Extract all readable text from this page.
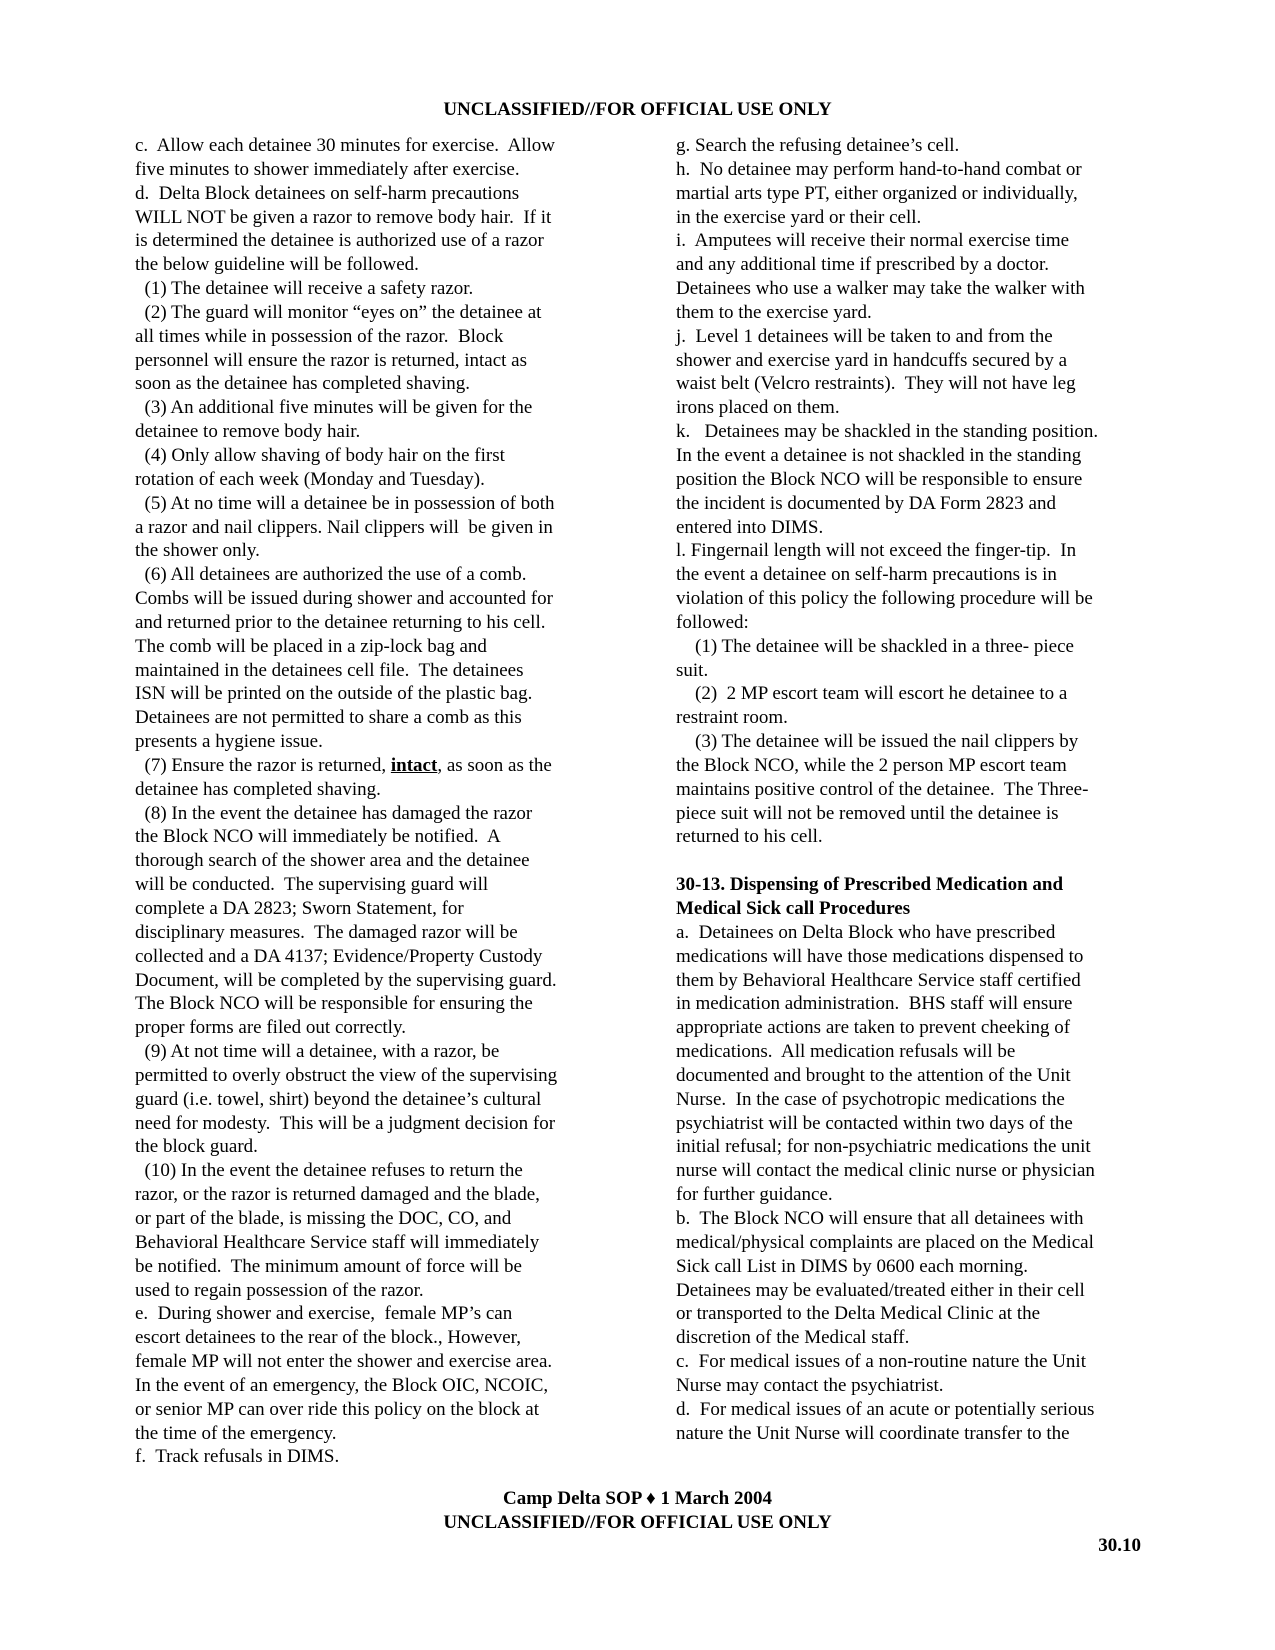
UNCLASSIFIED//FOR OFFICIAL USE ONLY
c.  Allow each detainee 30 minutes for exercise.  Allow
five minutes to shower immediately after exercise.
d.  Delta Block detainees on self-harm precautions
WILL NOT be given a razor to remove body hair.  If it
is determined the detainee is authorized use of a razor
the below guideline will be followed.
(1) The detainee will receive a safety razor.
(2) The guard will monitor “eyes on” the detainee at
all times while in possession of the razor.  Block
personnel will ensure the razor is returned, intact as
soon as the detainee has completed shaving.
(3) An additional five minutes will be given for the
detainee to remove body hair.
(4) Only allow shaving of body hair on the first
rotation of each week (Monday and Tuesday).
(5) At no time will a detainee be in possession of both
a razor and nail clippers. Nail clippers will  be given in
the shower only.
(6) All detainees are authorized the use of a comb.
Combs will be issued during shower and accounted for
and returned prior to the detainee returning to his cell.
The comb will be placed in a zip-lock bag and
maintained in the detainees cell file.  The detainees
ISN will be printed on the outside of the plastic bag.
Detainees are not permitted to share a comb as this
presents a hygiene issue.
(7) Ensure the razor is returned, intact, as soon as the
detainee has completed shaving.
(8) In the event the detainee has damaged the razor
the Block NCO will immediately be notified.  A
thorough search of the shower area and the detainee
will be conducted.  The supervising guard will
complete a DA 2823; Sworn Statement, for
disciplinary measures.  The damaged razor will be
collected and a DA 4137; Evidence/Property Custody
Document, will be completed by the supervising guard.
The Block NCO will be responsible for ensuring the
proper forms are filed out correctly.
(9) At not time will a detainee, with a razor, be
permitted to overly obstruct the view of the supervising
guard (i.e. towel, shirt) beyond the detainee’s cultural
need for modesty.  This will be a judgment decision for
the block guard.
(10) In the event the detainee refuses to return the
razor, or the razor is returned damaged and the blade,
or part of the blade, is missing the DOC, CO, and
Behavioral Healthcare Service staff will immediately
be notified.  The minimum amount of force will be
used to regain possession of the razor.
e.  During shower and exercise,  female MP’s can
escort detainees to the rear of the block., However,
female MP will not enter the shower and exercise area.
In the event of an emergency, the Block OIC, NCOIC,
or senior MP can over ride this policy on the block at
the time of the emergency.
f.  Track refusals in DIMS.
g. Search the refusing detainee’s cell.
h.  No detainee may perform hand-to-hand combat or
martial arts type PT, either organized or individually,
in the exercise yard or their cell.
i.  Amputees will receive their normal exercise time
and any additional time if prescribed by a doctor.
Detainees who use a walker may take the walker with
them to the exercise yard.
j.  Level 1 detainees will be taken to and from the
shower and exercise yard in handcuffs secured by a
waist belt (Velcro restraints).  They will not have leg
irons placed on them.
k.   Detainees may be shackled in the standing position.
In the event a detainee is not shackled in the standing
position the Block NCO will be responsible to ensure
the incident is documented by DA Form 2823 and
entered into DIMS.
l. Fingernail length will not exceed the finger-tip.  In
the event a detainee on self-harm precautions is in
violation of this policy the following procedure will be
followed:
(1) The detainee will be shackled in a three- piece
suit.
(2)  2 MP escort team will escort he detainee to a
restraint room.
(3) The detainee will be issued the nail clippers by
the Block NCO, while the 2 person MP escort team
maintains positive control of the detainee.  The Three-
piece suit will not be removed until the detainee is
returned to his cell.
30-13. Dispensing of Prescribed Medication and
Medical Sick call Procedures
a.  Detainees on Delta Block who have prescribed
medications will have those medications dispensed to
them by Behavioral Healthcare Service staff certified
in medication administration.  BHS staff will ensure
appropriate actions are taken to prevent cheeking of
medications.  All medication refusals will be
documented and brought to the attention of the Unit
Nurse.  In the case of psychotropic medications the
psychiatrist will be contacted within two days of the
initial refusal; for non-psychiatric medications the unit
nurse will contact the medical clinic nurse or physician
for further guidance.
b.  The Block NCO will ensure that all detainees with
medical/physical complaints are placed on the Medical
Sick call List in DIMS by 0600 each morning.
Detainees may be evaluated/treated either in their cell
or transported to the Delta Medical Clinic at the
discretion of the Medical staff.
c.  For medical issues of a non-routine nature the Unit
Nurse may contact the psychiatrist.
d.  For medical issues of an acute or potentially serious
nature the Unit Nurse will coordinate transfer to the
Camp Delta SOP ♦ 1 March 2004
UNCLASSIFIED//FOR OFFICIAL USE ONLY
30.10
